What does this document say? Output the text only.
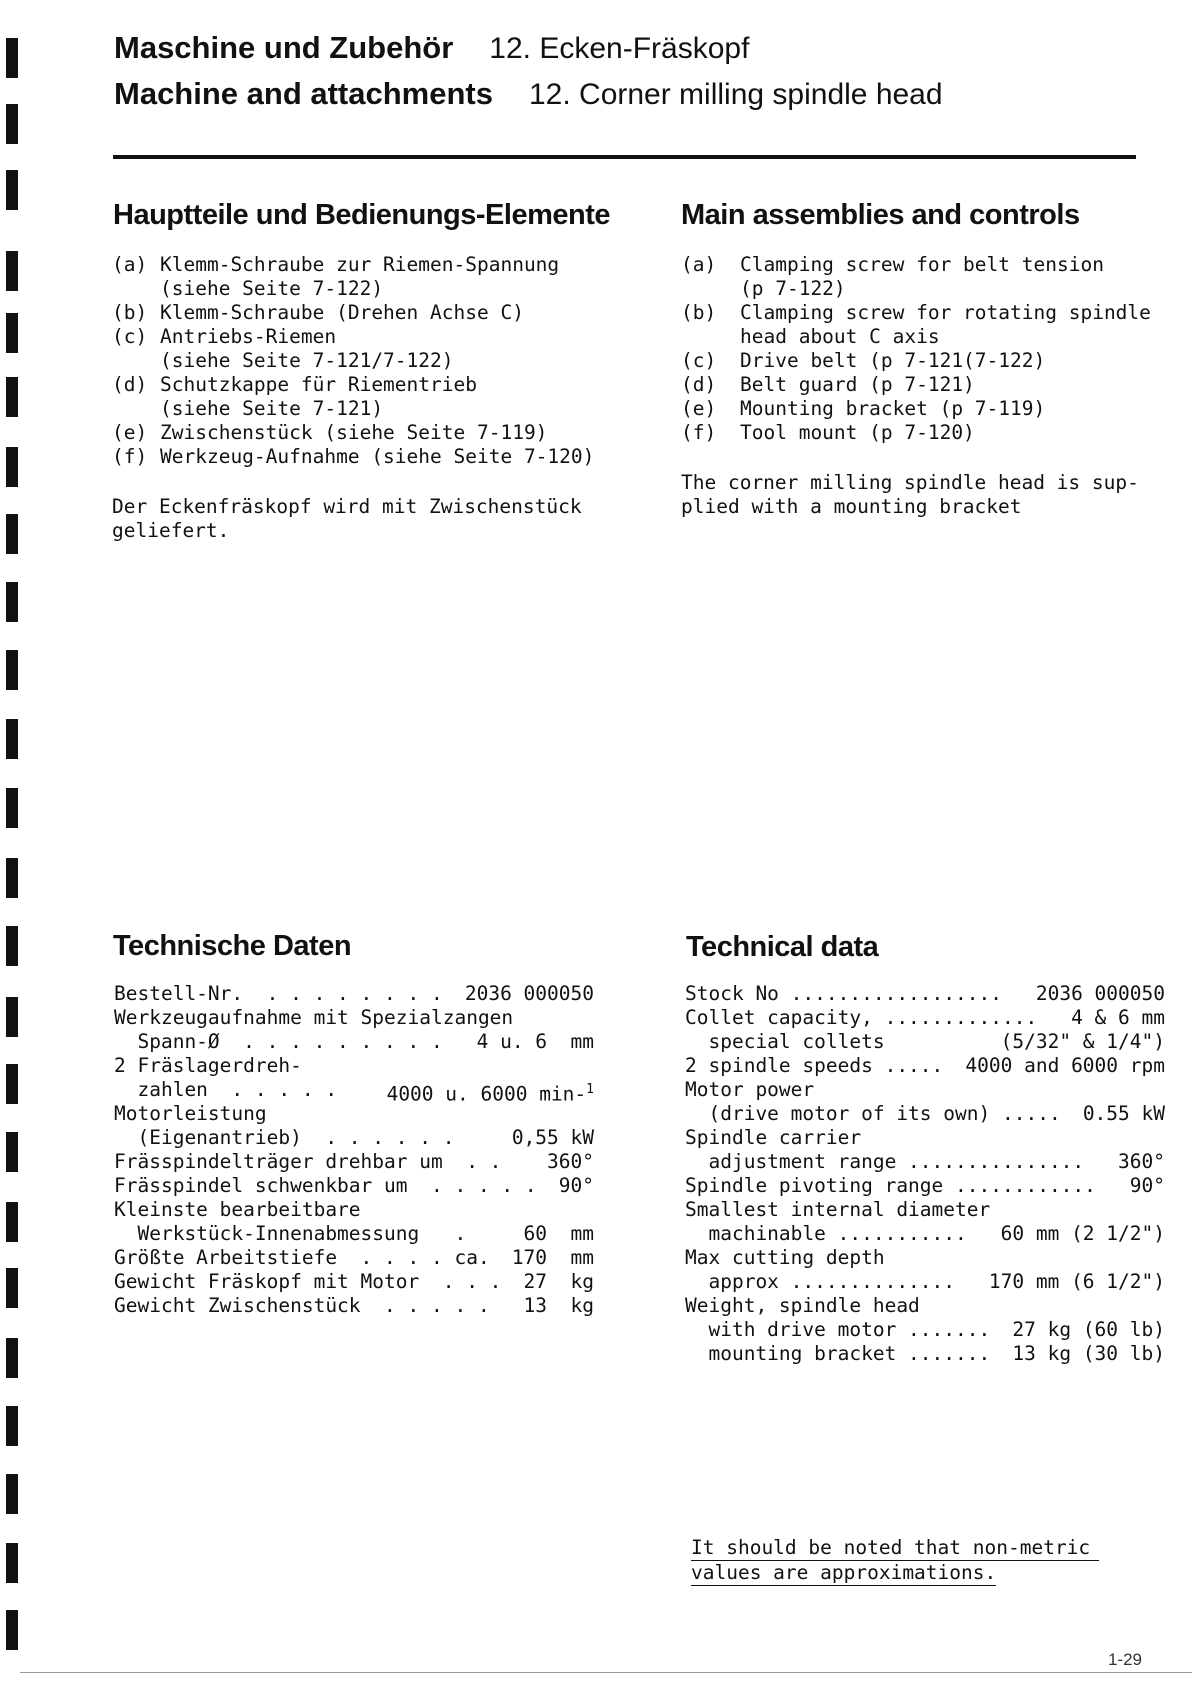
Maschine und Zubehör 12. Ecken-Fräskopf
Machine and attachments 12. Corner milling spindle head
Hauptteile und Bedienungs-Elemente Main assemblies and controls
(a) Klemm-Schraube zur Riemen-Spannung
(siehe Seite 7-122)
(b) Klemm-Schraube (Drehen Achse C)
(c) Antriebs-Riemen
(siehe Seite 7-121/7-122)
(d) Schutzkappe für Riementrieb
(siehe Seite 7-121)
(e) Zwischenstück (siehe Seite 7-119)
(f) Werkzeug-Aufnahme (siehe Seite 7-120)
Der Eckenfräskopf wird mit Zwischenstück
geliefert.
(a)	Clamping screw for belt tension
(p 7-122)
(b)	Clamping screw for rotating spindle
head about C axis
(c)	Drive belt (p 7-121(7-122)
(d)	Belt guard (p 7-121)
(e)	Mounting bracket (p 7-119)
(f)	Tool mount (p 7-120)
The corner milling spindle head is sup-
plied with a mounting bracket
Technische Daten	Technical data
Bestell-Nr.  . . . . . . . .	2036 000050
Werkzeugaufnahme mit Spezialzangen
Spann-Ø  . . . . . . . . .	4 u. 6  mm
2 Fräslagerdreh-
zahlen  . . . . .	4000 u. 6000 min-$^1$
Motorleistung
(Eigenantrieb)  . . . . . .	0,55 kW
Frässpindelträger drehbar um  . .	360°
Frässpindel schwenkbar um  . . . . .	90°
Kleinste bearbeitbare
Werkstück-Innenabmessung   .	60  mm
Größte Arbeitstiefe  . . . . ca.	170  mm
Gewicht Fräskopf mit Motor  . . .	27  kg
Gewicht Zwischenstück  . . . . .	13  kg
Stock No ..................	2036 000050
Collet capacity, .............	4 & 6 mm
special collets	(5/32" & 1/4")
2 spindle speeds .....	4000 and 6000 rpm
Motor power
(drive motor of its own) .....	0.55 kW
Spindle carrier
adjustment range ...............	360°
Spindle pivoting range ............	90°
Smallest internal diameter
machinable ...........	60 mm (2 1/2")
Max cutting depth
approx ..............	170 mm (6 1/2")
Weight, spindle head
with drive motor .......	27 kg (60 lb)
mounting bracket .......	13 kg (30 lb)
It should be noted that non-metric
values are approximations.
1-29
